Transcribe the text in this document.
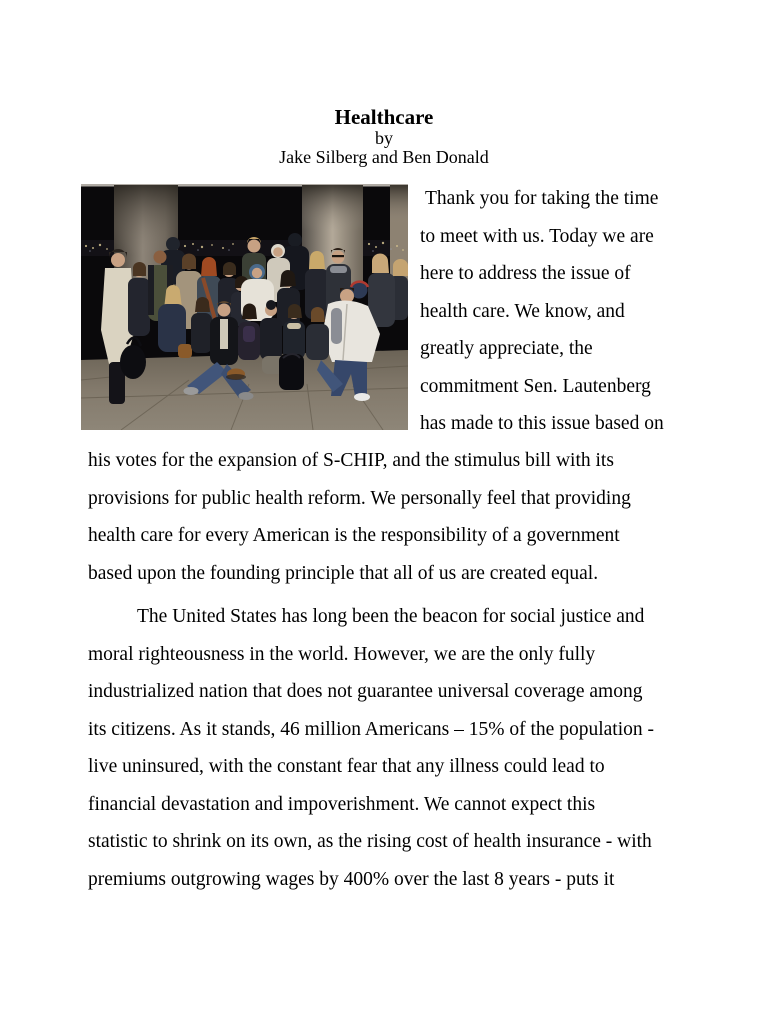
Healthcare
by
Jake Silberg and Ben Donald
Thank you for taking the time
to meet with us. Today we are
here to address the issue of
health care. We know, and
greatly appreciate, the
commitment Sen. Lautenberg
has made to this issue based on
his votes for the expansion of S-CHIP, and the stimulus bill with its
provisions for public health reform. We personally feel that providing
health care for every American is the responsibility of a government
based upon the founding principle that all of us are created equal.
The United States has long been the beacon for social justice and
moral righteousness in the world. However, we are the only fully
industrialized nation that does not guarantee universal coverage among
its citizens. As it stands, 46 million Americans – 15% of the population -
live uninsured, with the constant fear that any illness could lead to
financial devastation and impoverishment. We cannot expect this
statistic to shrink on its own, as the rising cost of health insurance - with
premiums outgrowing wages by 400% over the last 8 years - puts it
